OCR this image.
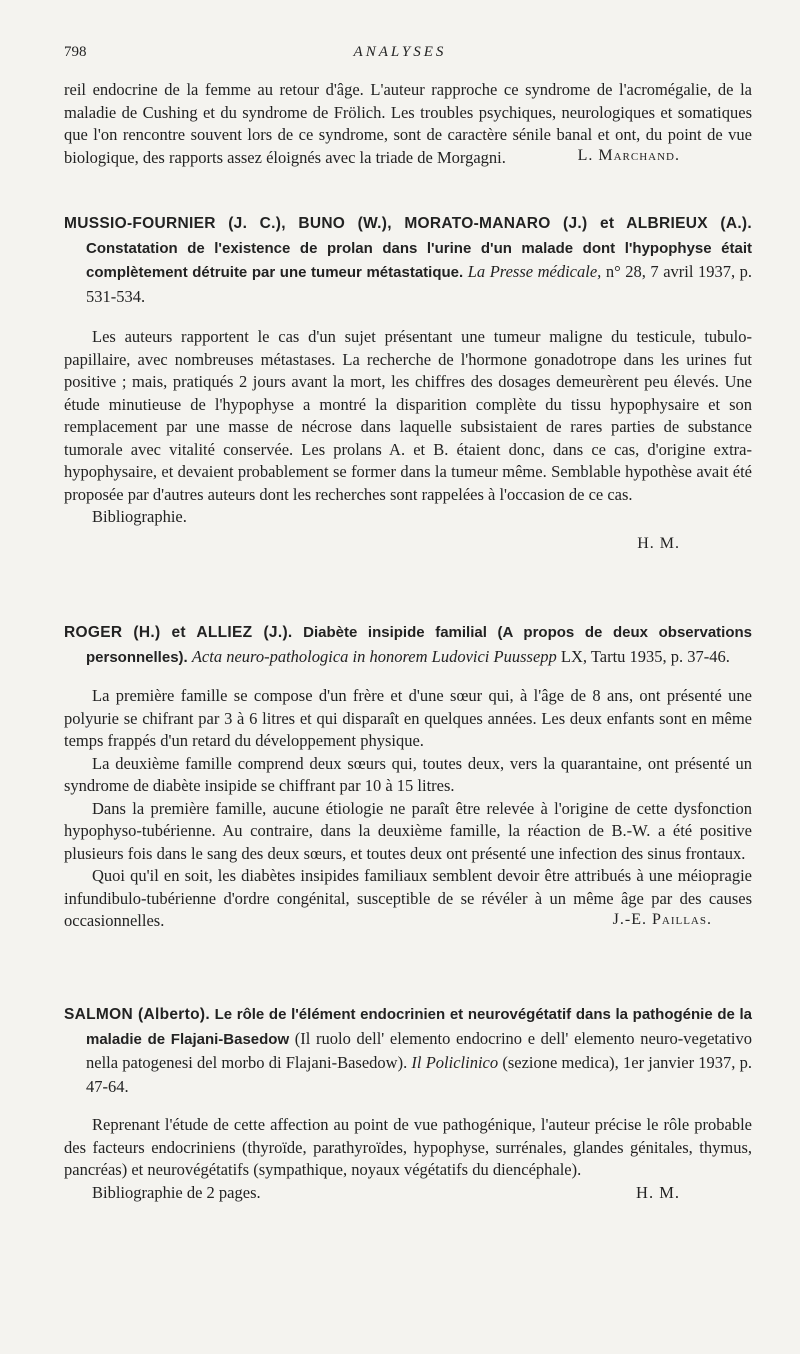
798	ANALYSES

reil endocrine de la femme au retour d'âge. L'auteur rapproche ce syndrome de l'acromégalie, de la maladie de Cushing et du syndrome de Frölich. Les troubles psychiques, neurologiques et somatiques que l'on rencontre souvent lors de ce syndrome, sont de caractère sénile banal et ont, du point de vue biologique, des rapports assez éloignés avec la triade de Morgagni.	L. Marchand.

MUSSIO-FOURNIER (J. C.), BUNO (W.), MORATO-MANARO (J.) et ALBRIEUX (A.). Constatation de l'existence de prolan dans l'urine d'un malade dont l'hypophyse était complètement détruite par une tumeur métastatique. La Presse médicale, n° 28, 7 avril 1937, p. 531-534.

Les auteurs rapportent le cas d'un sujet présentant une tumeur maligne du testicule, tubulo-papillaire, avec nombreuses métastases. La recherche de l'hormone gonadotrope dans les urines fut positive ; mais, pratiqués 2 jours avant la mort, les chiffres des dosages demeurèrent peu élevés. Une étude minutieuse de l'hypophyse a montré la disparition complète du tissu hypophysaire et son remplacement par une masse de nécrose dans laquelle subsistaient de rares parties de substance tumorale avec vitalité conservée. Les prolans A. et B. étaient donc, dans ce cas, d'origine extra-hypophysaire, et devaient probablement se former dans la tumeur même. Semblable hypothèse avait été proposée par d'autres auteurs dont les recherches sont rappelées à l'occasion de ce cas.

Bibliographie.

H. M.

ROGER (H.) et ALLIEZ (J.). Diabète insipide familial (A propos de deux observations personnelles). Acta neuro-pathologica in honorem Ludovici Puussepp LX, Tartu 1935, p. 37-46.

La première famille se compose d'un frère et d'une sœur qui, à l'âge de 8 ans, ont présenté une polyurie se chifrant par 3 à 6 litres et qui disparaît en quelques années. Les deux enfants sont en même temps frappés d'un retard du développement physique.

La deuxième famille comprend deux sœurs qui, toutes deux, vers la quarantaine, ont présenté un syndrome de diabète insipide se chiffrant par 10 à 15 litres.

Dans la première famille, aucune étiologie ne paraît être relevée à l'origine de cette dysfonction hypophyso-tubérienne. Au contraire, dans la deuxième famille, la réaction de B.-W. a été positive plusieurs fois dans le sang des deux sœurs, et toutes deux ont présenté une infection des sinus frontaux.

Quoi qu'il en soit, les diabètes insipides familiaux semblent devoir être attribués à une méiopragie infundibulo-tubérienne d'ordre congénital, susceptible de se révéler à un même âge par des causes occasionnelles.	J.-E. Paillas.

SALMON (Alberto). Le rôle de l'élément endocrinien et neurovégétatif dans la pathogénie de la maladie de Flajani-Basedow (Il ruolo dell' elemento endocrino e dell' elemento neuro-vegetativo nella patogenesi del morbo di Flajani-Basedow). Il Policlinico (sezione medica), 1er janvier 1937, p. 47-64.

Reprenant l'étude de cette affection au point de vue pathogénique, l'auteur précise le rôle probable des facteurs endocriniens (thyroïde, parathyroïdes, hypophyse, surrénales, glandes génitales, thymus, pancréas) et neurovégétatifs (sympathique, noyaux végétatifs du diencéphale).

Bibliographie de 2 pages.	H. M.
